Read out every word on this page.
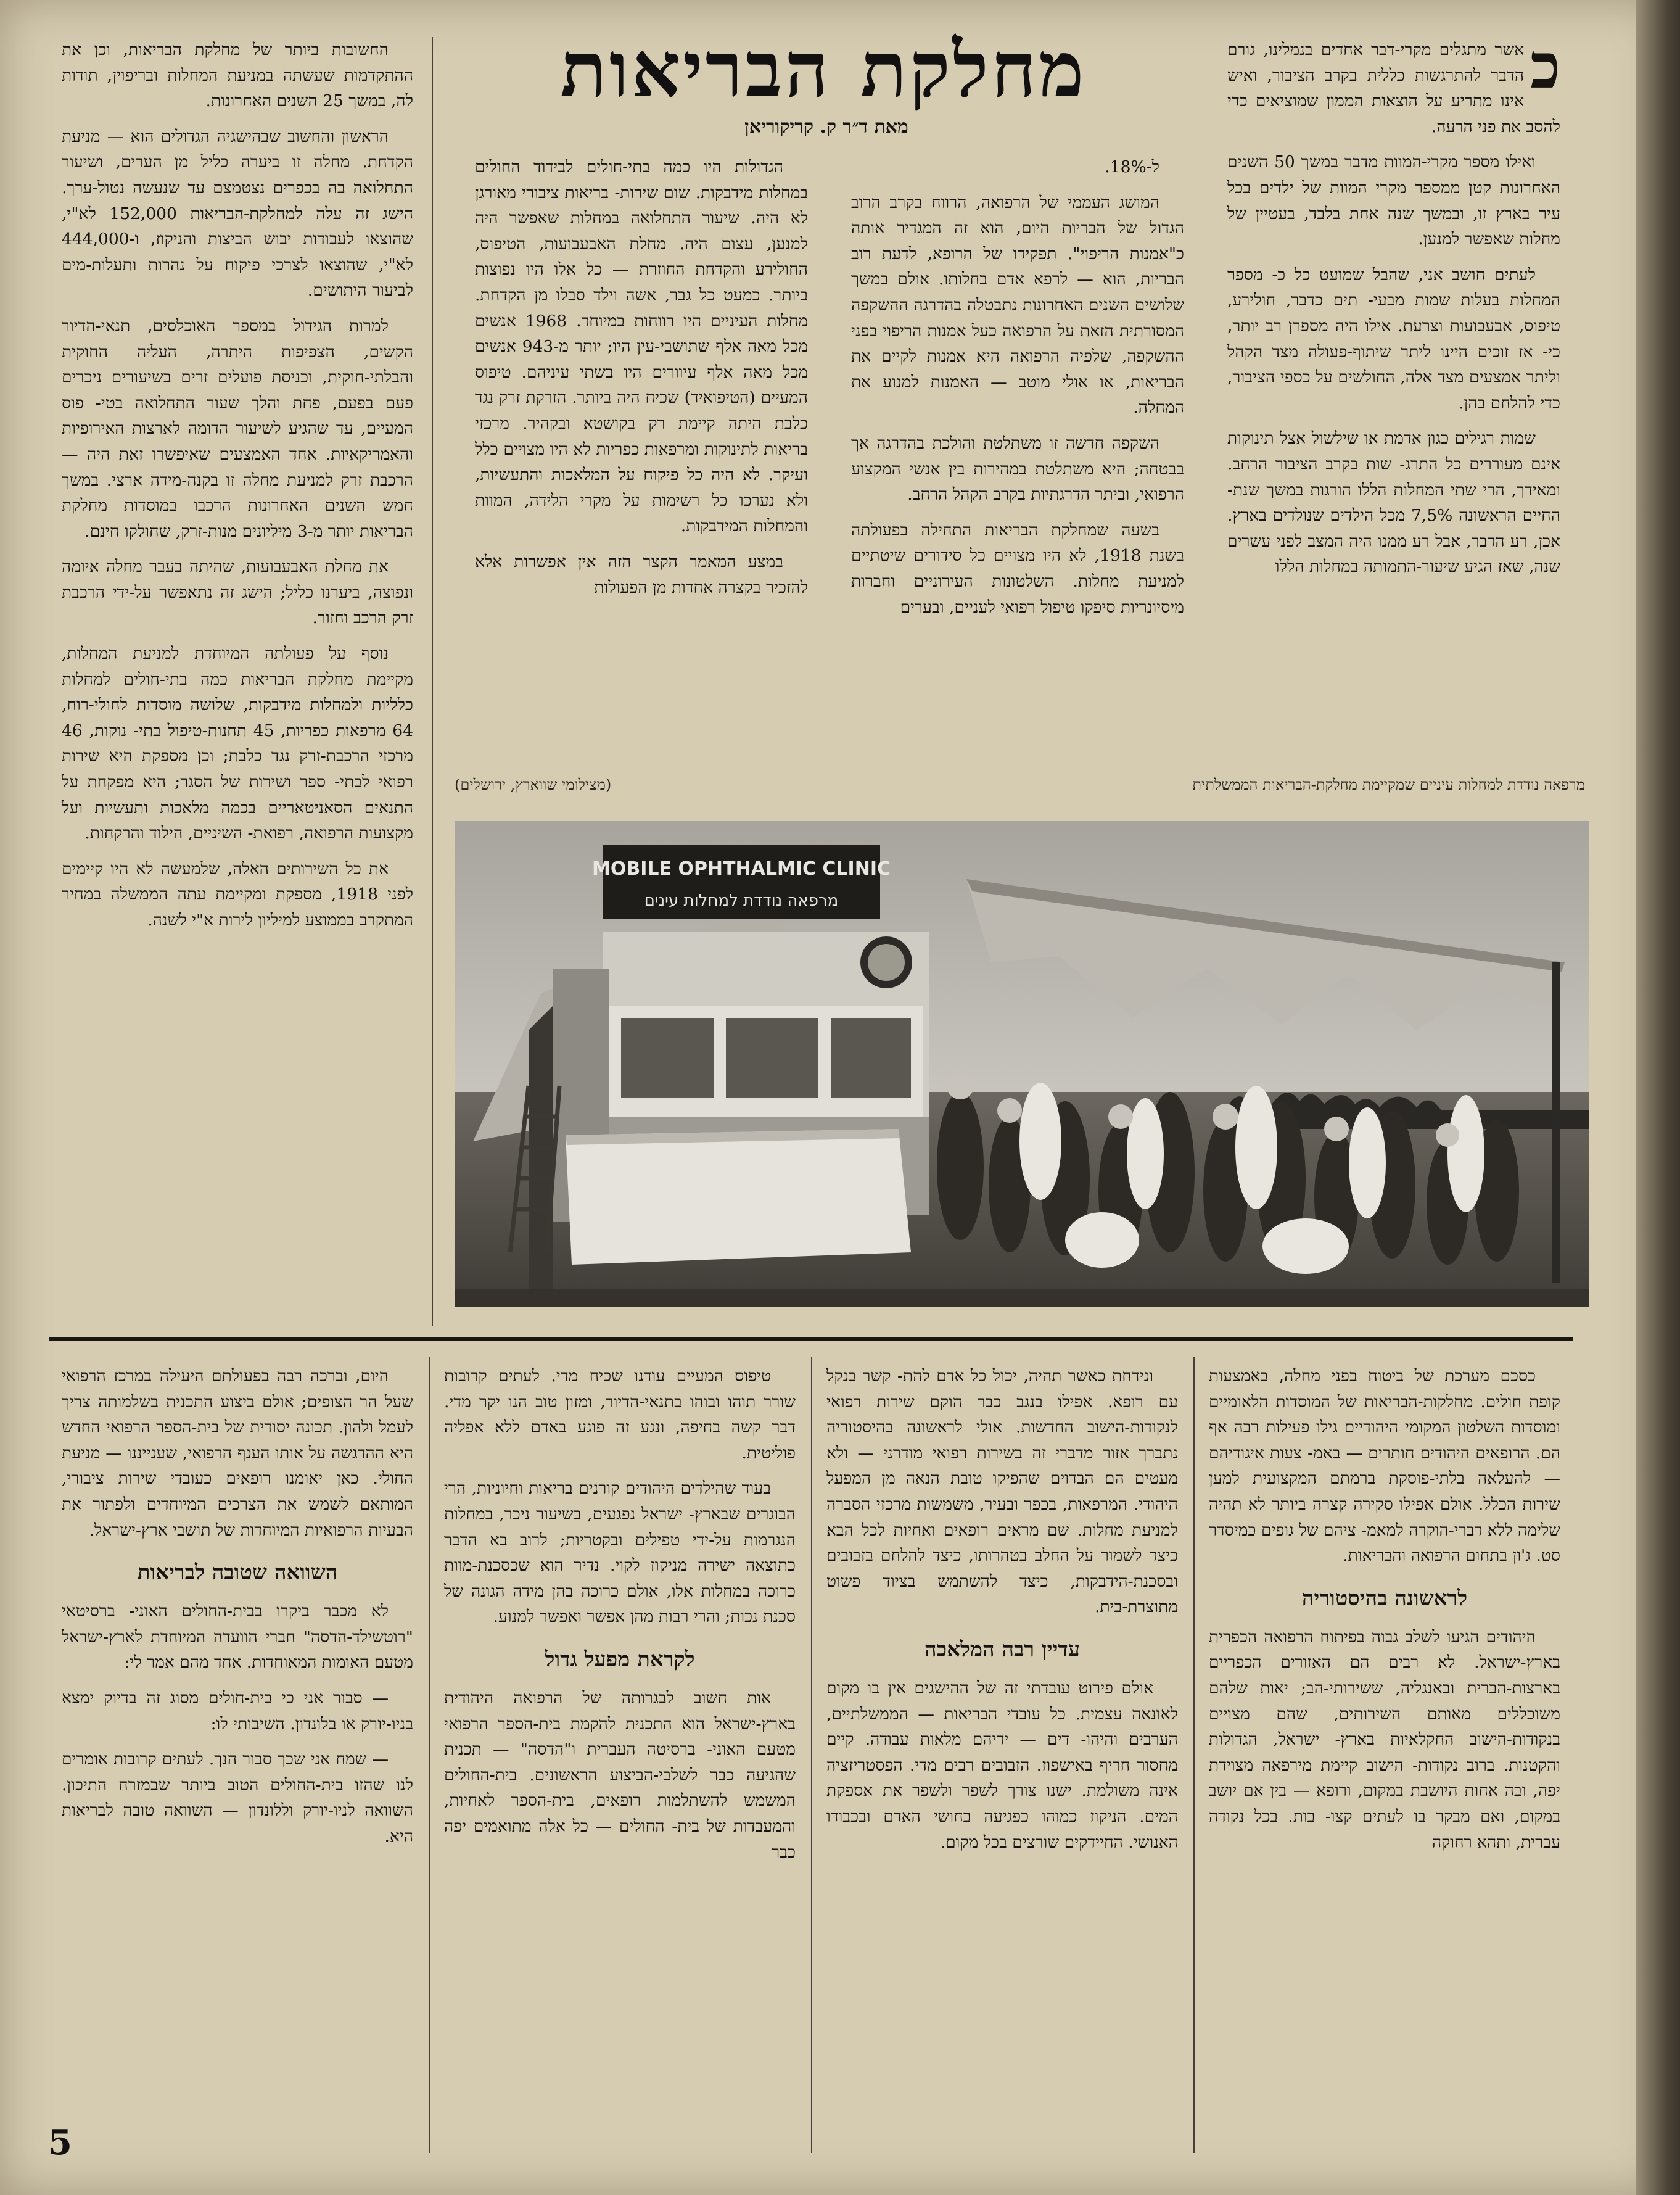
מחלקת הבריאות
מאת ד״ר ק. קריקוריאן
כ

אשר מתגלים מקרי-דבר אחדים בנמלינו, גורם הדבר להתרגשות כללית בקרב הציבור, ואיש אינו מתריע על הוצאות הממון שמוציאים כדי להסב את פני הרעה.

ואילו מספר מקרי-המוות מדבר במשך 50 השנים האחרונות קטן ממספר מקרי המוות של ילדים בכל עיר בארץ זו, ובמשך שנה אחת בלבד, בעטיין של מחלות שאפשר למנען.

לעתים חושב אני, שהבל שמועט כל כ- מספר המחלות בעלות שמות מבעי- תים כדבר, חולירע, טיפוס, אבעבועות וצרעת. אילו היה מספרן רב יותר, כי- אז זוכים היינו ליתר שיתוף-פעולה מצד הקהל וליתר אמצעים מצד אלה, החולשים על כספי הציבור, כדי להלחם בהן.

שמות רגילים כגון אדמת או שילשול אצל תינוקות אינם מעוררים כל התרג- שות בקרב הציבור הרחב. ומאידך, הרי שתי המחלות הללו הורגות במשך שנת- החיים הראשונה 7,5% מכל הילדים שנולדים בארץ. אכן, רע הדבר, אבל רע ממנו היה המצב לפני עשרים שנה, שאז הגיע שיעור-התמותה במחלות הללו

ל-18%.

המושג העממי של הרפואה, הרווח בקרב הרוב הגדול של הבריות היום, הוא זה המגדיר אותה כ"אמנות הריפוי". תפקידו של הרופא, לדעת רוב הבריות, הוא — לרפא אדם בחלותו. אולם במשך שלושים השנים האחרונות נתבטלה בהדרגה ההשקפה המסורתית הזאת על הרפואה כעל אמנות הריפוי בפני ההשקפה, שלפיה הרפואה היא אמנות לקיים את הבריאות, או אולי מוטב — האמנות למנוע את המחלה.

השקפה חדשה זו משתלטת והולכת בהדרגה אך בבטחה; היא משתלטת במהירות בין אנשי המקצוע הרפואי, וביתר הדרגתיות בקרב הקהל הרחב.

בשעה שמחלקת הבריאות התחילה בפעולתה בשנת 1918, לא היו מצויים כל סידורים שיטתיים למניעת מחלות. השלטונות העירוניים וחברות מיסיונריות סיפקו טיפול רפואי לעניים, ובערים

הגדולות היו כמה בתי-חולים לבידוד החולים במחלות מידבקות. שום שירות- בריאות ציבורי מאורגן לא היה. שיעור התחלואה במחלות שאפשר היה למנען, עצום היה. מחלת האבעבועות, הטיפוס, החולירע והקדחת החוזרת — כל אלו היו נפוצות ביותר. כמעט כל גבר, אשה וילד סבלו מן הקדחת. מחלות העיניים היו רווחות במיוחד. 1968 אנשים מכל מאה אלף שתושבי-עין היו; יותר מ-943 אנשים מכל מאה אלף עיוורים היו בשתי עיניהם. טיפוס המעיים (הטיפואיד) שכיח היה ביותר. הזרקת זרק נגד כלבת היתה קיימת רק בקושטא ובקהיר. מרכזי בריאות לתינוקות ומרפאות כפריות לא היו מצויים כלל ועיקר. לא היה כל פיקוח על המלאכות והתעשיות, ולא נערכו כל רשימות על מקרי הלידה, המוות והמחלות המידבקות.

במצע המאמר הקצר הזה אין אפשרות אלא להזכיר בקצרה אחדות מן הפעולות

החשובות ביותר של מחלקת הבריאות, וכן את ההתקדמות שעשתה במניעת המחלות ובריפוין, תודות לה, במשך 25 השנים האחרונות.

הראשון והחשוב שבהישגיה הגדולים הוא — מניעת הקדחת. מחלה זו ביערה כליל מן הערים, ושיעור התחלואה בה בכפרים נצטמצם עד שנעשה נטול-ערך. הישג זה עלה למחלקת-הבריאות 152,000 לא"י, שהוצאו לעבודות יבוש הביצות והניקוז, ו-444,000 לא"י, שהוצאו לצרכי פיקוח על נהרות ותעלות-מים לביעור היתושים.

למרות הגידול במספר האוכלסים, תנאי-הדיור הקשים, הצפיפות היתרה, העליה החוקית והבלתי-חוקית, וכניסת פועלים זרים בשיעורים ניכרים פעם בפעם, פחת והלך שעור התחלואה בטי- פוס המעיים, עד שהגיע לשיעור הדומה לארצות האירופיות והאמריקאיות. אחד האמצעים שאיפשרו זאת היה — הרכבת זרק למניעת מחלה זו בקנה-מידה ארצי. במשך חמש השנים האחרונות הרכבו במוסדות מחלקת הבריאות יותר מ-3 מיליונים מנות-זרק, שחולקו חינם.

את מחלת האבעבועות, שהיתה בעבר מחלה איומה ונפוצה, ביערנו כליל; הישג זה נתאפשר על-ידי הרכבת זרק הרכב וחזור.

נוסף על פעולתה המיוחדת למניעת המחלות, מקיימת מחלקת הבריאות כמה בתי-חולים למחלות כלליות ולמחלות מידבקות, שלושה מוסדות לחולי-רוח, 64 מרפאות כפריות, 45 תחנות-טיפול בתי- נוקות, 46 מרכזי הרכבת-זרק נגד כלבת; וכן מספקת היא שירות רפואי לבתי- ספר ושירות של הסגר; היא מפקחת על התנאים הסאניטאריים בכמה מלאכות ותעשיות ועל מקצועות הרפואה, רפואת- השיניים, הילוד והרקחות.

את כל השירותים האלה, שלמעשה לא היו קיימים לפני 1918, מספקת ומקיימת עתה הממשלה במחיר המתקרב בממוצע למיליון לירות א"י לשנה.

מרפאה נודדת למחלות עיניים שמקיימת מחלקת-הבריאות הממשלתית
(מצילומי שווארץ, ירושלים)
MOBILE OPHTHALMIC CLINIC
מרפאה נודדת למחלות עינים

כסכם מערכת של ביטוח בפני מחלה, באמצעות קופת חולים. מחלקות-הבריאות של המוסדות הלאומיים ומוסדות השלטון המקומי היהודיים גילו פעילות רבה אף הם. הרופאים היהודים חותרים — באמ- צעות איגודיהם — להעלאה בלתי-פוסקת ברמתם המקצועית למען שירות הכלל. אולם אפילו סקירה קצרה ביותר לא תהיה שלימה ללא דברי-הוקרה למאמ- ציהם של גופים כמיסדר סט. ג'ון בתחום הרפואה והבריאות.

לראשונה בהיסטוריה

היהודים הגיעו לשלב גבוה בפיתוח הרפואה הכפרית בארץ-ישראל. לא רבים הם האזורים הכפריים בארצות-הברית ובאנגליה, ששירותי-הב; יאות שלהם משוכללים מאותם השירותים, שהם מצויים בנקודות-הישוב החקלאיות בארץ- ישראל, הגדולות והקטנות. ברוב נקודות- הישוב קיימת מירפאה מצוידת יפה, ובה אחות היושבת במקום, ורופא — בין אם יושב במקום, ואם מבקר בו לעתים קצו- בות. בכל נקודה עברית, ותהא רחוקה

ונידחת כאשר תהיה, יכול כל אדם להת- קשר בנקל עם רופא. אפילו בנגב כבר הוקם שירות רפואי לנקודות-הישוב החדשות. אולי לראשונה בהיסטוריה נתברך אזור מדברי זה בשירות רפואי מודרני — ולא מעטים הם הבדוים שהפיקו טובת הנאה מן המפעל היהודי. המרפאות, בכפר ובעיר, משמשות מרכזי הסברה למניעת מחלות. שם מראים רופאים ואחיות לכל הבא כיצד לשמור על החלב בטהרותו, כיצד להלחם בזבובים ובסכנת-הידבקות, כיצד להשתמש בציוד פשוט מתוצרת-בית.

עדיין רבה המלאכה

אולם פירוט עובדתי זה של ההישגים אין בו מקום לאונאה עצמית. כל עובדי הבריאות — הממשלתיים, הערבים והיהו- דים — ידיהם מלאות עבודה. קיים מחסור חריף באישפוז. הזבובים רבים מדי. הפסטריזציה אינה משולמת. ישנו צורך לשפר ולשפר את אספקת המים. הניקוז כמוהו כפגיעה בחושי האדם ובכבודו האנושי. החיידקים שורצים בכל מקום.

טיפוס המעיים עודנו שכיח מדי. לעתים קרובות שורר תוהו ובוהו בתנאי-הדיור, ומזון טוב הנו יקר מדי. דבר קשה בחיפה, ונגע זה פוגע באדם ללא אפליה פוליטית.

בעוד שהילדים היהודים קורנים בריאות וחיוניות, הרי הבוגרים שבארץ- ישראל נפגעים, בשיעור ניכר, במחלות הנגרמות על-ידי טפילים ובקטריות; לרוב בא הדבר כתוצאה ישירה מניקוז לקוי. נדיר הוא שכסכנת-מוות כרוכה במחלות אלו, אולם כרוכה בהן מידה הגונה של סכנת נכות; והרי רבות מהן אפשר ואפשר למנוע.

לקראת מפעל גדול

אות חשוב לבגרותה של הרפואה היהודית בארץ-ישראל הוא התכנית להקמת בית-הספר הרפואי מטעם האוני- ברסיטה העברית ו"הדסה" — תכנית שהגיעה כבר לשלבי-הביצוע הראשונים. בית-החולים המשמש להשתלמות רופאים, בית-הספר לאחיות, והמעבדות של בית- החולים — כל אלה מתואמים יפה כבר

היום, וברכה רבה בפעולתם היעילה במרכז הרפואי שעל הר הצופים; אולם ביצוע התכנית בשלמותה צריך לעמל ולהון. תכונה יסודית של בית-הספר הרפואי החדש היא ההדגשה על אותו הענף הרפואי, שענייננו — מניעת החולי. כאן יאומנו רופאים כעובדי שירות ציבורי, המותאם לשמש את הצרכים המיוחדים ולפתור את הבעיות הרפואיות המיוחדות של תושבי ארץ-ישראל.

השוואה שטובה לבריאות

לא מכבר ביקרו בבית-החולים האוני- ברסיטאי "רוטשילד-הדסה" חברי הוועדה המיוחדת לארץ-ישראל מטעם האומות המאוחדות. אחד מהם אמר לי:

— סבור אני כי בית-חולים מסוג זה בדיוק ימצא בניו-יורק או בלונדון. השיבותי לו:

— שמח אני שכך סבור הנך. לעתים קרובות אומרים לנו שהזו בית-החולים הטוב ביותר שבמזרח התיכון. השוואה לניו-יורק וללונדון — השוואה טובה לבריאות היא.

5
